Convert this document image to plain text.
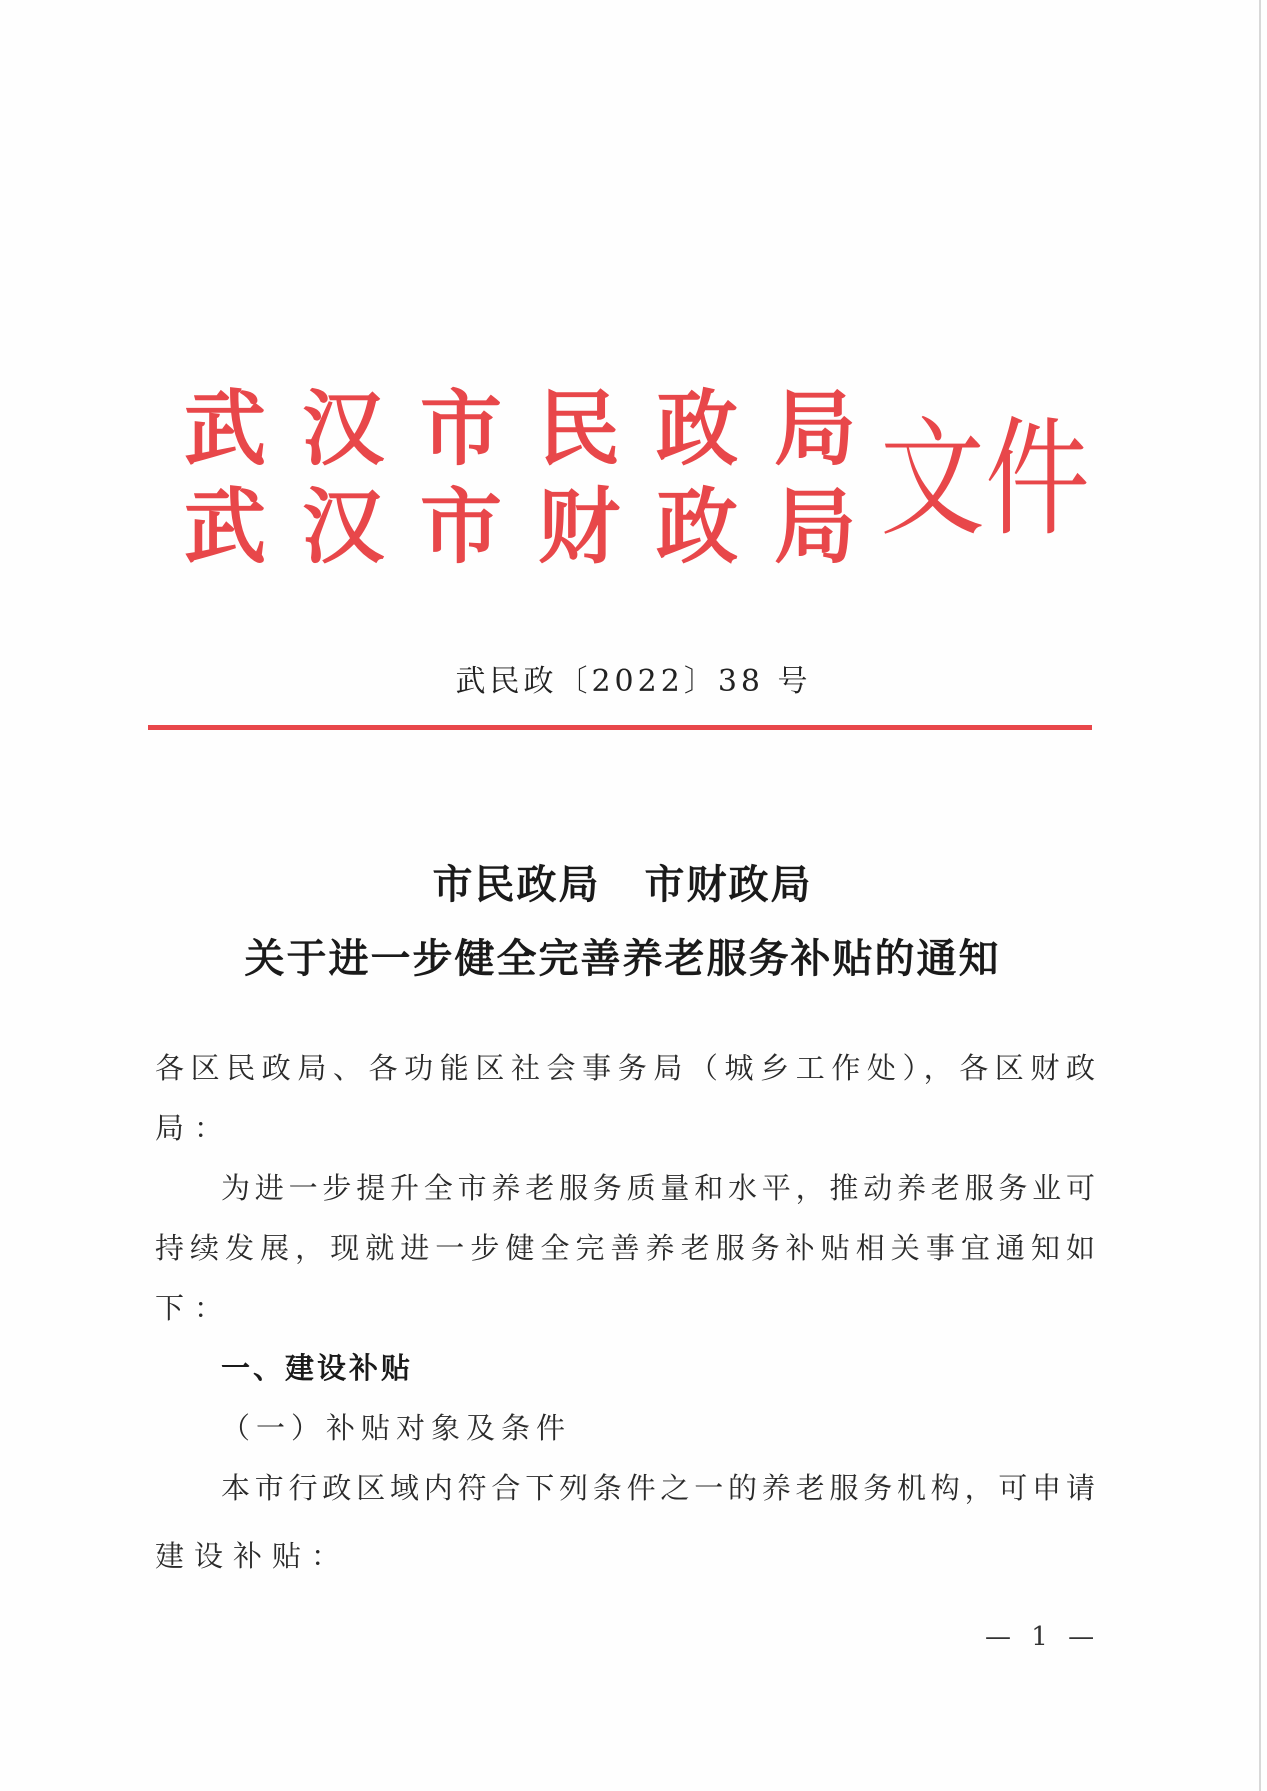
武 汉 市 民 政 局
武 汉 市 财 政 局 文件
武民政〔2022〕38 号
市民政局 市财政局
关于进一步健全完善养老服务补贴的通知
各区民政局、各功能区社会事务局（城乡工作处），各区财政
局：
为进一步提升全市养老服务质量和水平，推动养老服务业可
持续发展，现就进一步健全完善养老服务补贴相关事宜通知如
下：
一、建设补贴
（一）补贴对象及条件
本市行政区域内符合下列条件之一的养老服务机构，可申请
建设补贴：
— 1 —
